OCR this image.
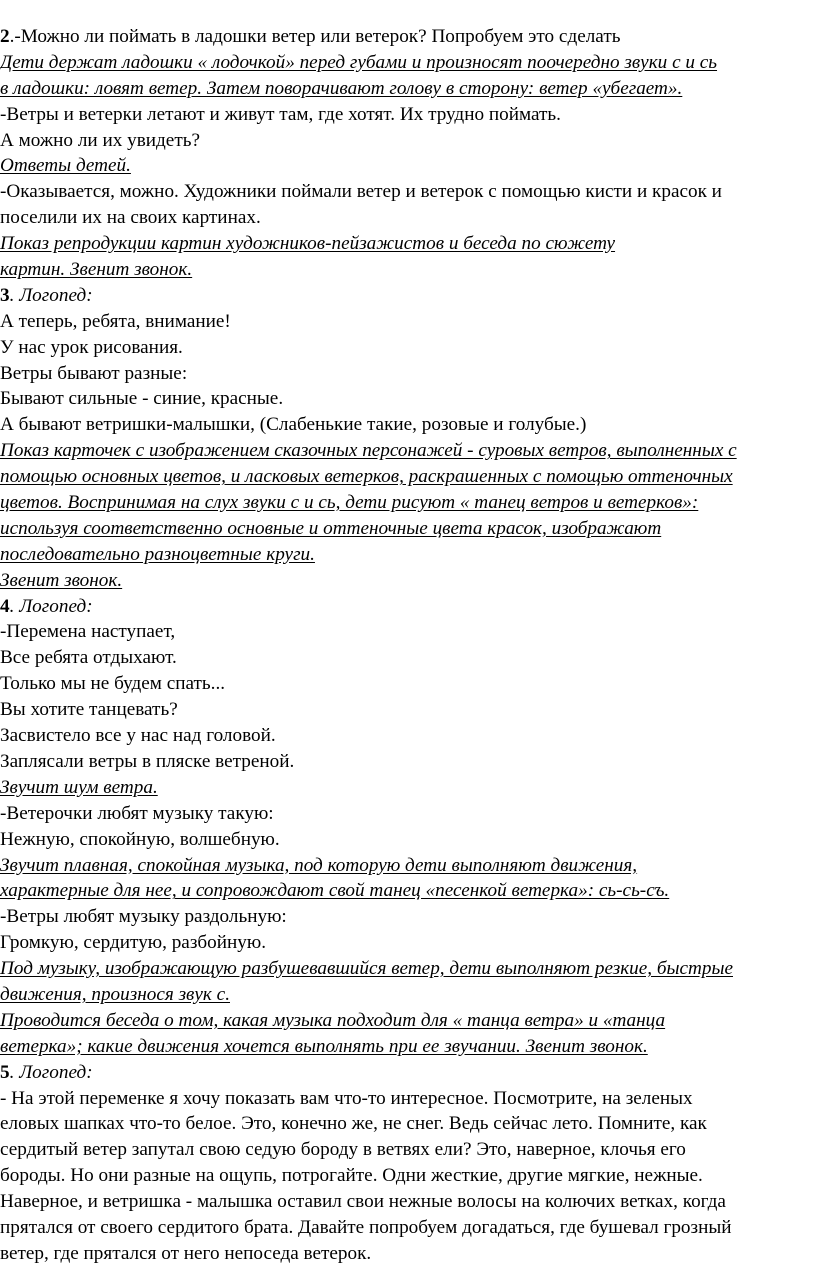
2.-Можно ли поймать в ладошки ветер или ветерок? Попробуем это сделать
Дети держат ладошки « лодочкой» перед губами и произносят поочередно звуки с и сь
в ладошки: ловят ветер. Затем поворачивают голову в сторону: ветер «убегает».
-Ветры и ветерки летают и живут там, где хотят. Их трудно поймать.
А можно ли их увидеть?
Ответы детей.
-Оказывается, можно. Художники поймали ветер и ветерок с помощью кисти и красок и
поселили их на своих картинах.
Показ репродукции картин художников-пейзажистов и беседа по сюжету
картин. Звенит звонок.
3. Логопед:
А теперь, ребята, внимание!
У нас урок рисования.
Ветры бывают разные:
Бывают сильные - синие, красные.
А бывают ветришки-малышки, (Слабенькие такие, розовые и голубые.)
Показ карточек с изображением сказочных персонажей - суровых ветров, выполненных с
помощью основных цветов, и ласковых ветерков, раскрашенных с помощью оттеночных
цветов. Воспринимая на слух звуки с и сь, дети рисуют « танец ветров и ветерков»:
используя соответственно основные и оттеночные цвета красок, изображают
последовательно разноцветные круги.
Звенит звонок.
4. Логопед:
-Перемена наступает,
Все ребята отдыхают.
Только мы не будем спать...
Вы хотите танцевать?
Засвистело все у нас над головой.
Заплясали ветры в пляске ветреной.
Звучит шум ветра.
-Ветерочки любят музыку такую:
Нежную, спокойную, волшебную.
Звучит плавная, спокойная музыка, под которую дети выполняют движения,
характерные для нее, и сопровождают свой танец «песенкой ветерка»: сь-сь-съ.
-Ветры любят музыку раздольную:
Громкую, сердитую, разбойную.
Под музыку, изображающую разбушевавшийся ветер, дети выполняют резкие, быстрые
движения, произнося звук с.
Проводится беседа о том, какая музыка подходит для « танца ветра» и «танца
ветерка»; какие движения хочется выполнять при ее звучании. Звенит звонок.
5. Логопед:
- На этой переменке я хочу показать вам что-то интересное. Посмотрите, на зеленых
еловых шапках что-то белое. Это, конечно же, не снег. Ведь сейчас лето. Помните, как
сердитый ветер запутал свою седую бороду в ветвях ели? Это, наверное, клочья его
бороды. Но они разные на ощупь, потрогайте. Одни жесткие, другие мягкие, нежные.
Наверное, и ветришка - малышка оставил свои нежные волосы на колючих ветках, когда
прятался от своего сердитого брата. Давайте попробуем догадаться, где бушевал грозный
ветер, где прятался от него непоседа ветерок.
